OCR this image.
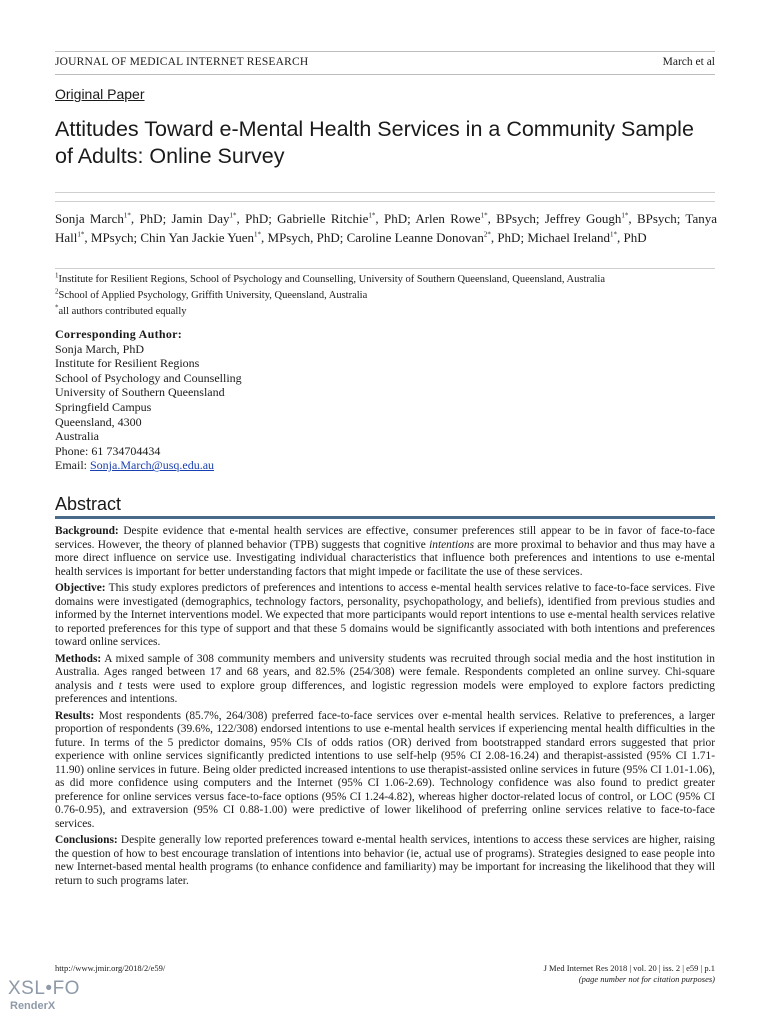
JOURNAL OF MEDICAL INTERNET RESEARCH	March et al
Original Paper
Attitudes Toward e-Mental Health Services in a Community Sample of Adults: Online Survey
Sonja March$^{1*}$, PhD; Jamin Day$^{1*}$, PhD; Gabrielle Ritchie$^{1*}$, PhD; Arlen Rowe$^{1*}$, BPsych; Jeffrey Gough$^{1*}$, BPsych; Tanya Hall$^{1*}$, MPsych; Chin Yan Jackie Yuen$^{1*}$, MPsych, PhD; Caroline Leanne Donovan$^{2*}$, PhD; Michael Ireland$^{1*}$, PhD
$^1$Institute for Resilient Regions, School of Psychology and Counselling, University of Southern Queensland, Queensland, Australia
$^2$School of Applied Psychology, Griffith University, Queensland, Australia
*all authors contributed equally
Corresponding Author:
Sonja March, PhD
Institute for Resilient Regions
School of Psychology and Counselling
University of Southern Queensland
Springfield Campus
Queensland, 4300
Australia
Phone: 61 734704434
Email: Sonja.March@usq.edu.au
Abstract

Background: Despite evidence that e-mental health services are effective, consumer preferences still appear to be in favor of face-to-face services. However, the theory of planned behavior (TPB) suggests that cognitive intentions are more proximal to behavior and thus may have a more direct influence on service use. Investigating individual characteristics that influence both preferences and intentions to use e-mental health services is important for better understanding factors that might impede or facilitate the use of these services.

Objective: This study explores predictors of preferences and intentions to access e-mental health services relative to face-to-face services. Five domains were investigated (demographics, technology factors, personality, psychopathology, and beliefs), identified from previous studies and informed by the Internet interventions model. We expected that more participants would report intentions to use e-mental health services relative to reported preferences for this type of support and that these 5 domains would be significantly associated with both intentions and preferences toward online services.

Methods: A mixed sample of 308 community members and university students was recruited through social media and the host institution in Australia. Ages ranged between 17 and 68 years, and 82.5% (254/308) were female. Respondents completed an online survey. Chi-square analysis and t tests were used to explore group differences, and logistic regression models were employed to explore factors predicting preferences and intentions.

Results: Most respondents (85.7%, 264/308) preferred face-to-face services over e-mental health services. Relative to preferences, a larger proportion of respondents (39.6%, 122/308) endorsed intentions to use e-mental health services if experiencing mental health difficulties in the future. In terms of the 5 predictor domains, 95% CIs of odds ratios (OR) derived from bootstrapped standard errors suggested that prior experience with online services significantly predicted intentions to use self-help (95% CI 2.08-16.24) and therapist-assisted (95% CI 1.71-11.90) online services in future. Being older predicted increased intentions to use therapist-assisted online services in future (95% CI 1.01-1.06), as did more confidence using computers and the Internet (95% CI 1.06-2.69). Technology confidence was also found to predict greater preference for online services versus face-to-face options (95% CI 1.24-4.82), whereas higher doctor-related locus of control, or LOC (95% CI 0.76-0.95), and extraversion (95% CI 0.88-1.00) were predictive of lower likelihood of preferring online services relative to face-to-face services.

Conclusions: Despite generally low reported preferences toward e-mental health services, intentions to access these services are higher, raising the question of how to best encourage translation of intentions into behavior (ie, actual use of programs). Strategies designed to ease people into new Internet-based mental health programs (to enhance confidence and familiarity) may be important for increasing the likelihood that they will return to such programs later.

http://www.jmir.org/2018/2/e59/	J Med Internet Res 2018 | vol. 20 | iss. 2 | e59 | p.1
(page number not for citation purposes)
XSL•FO
RenderX
